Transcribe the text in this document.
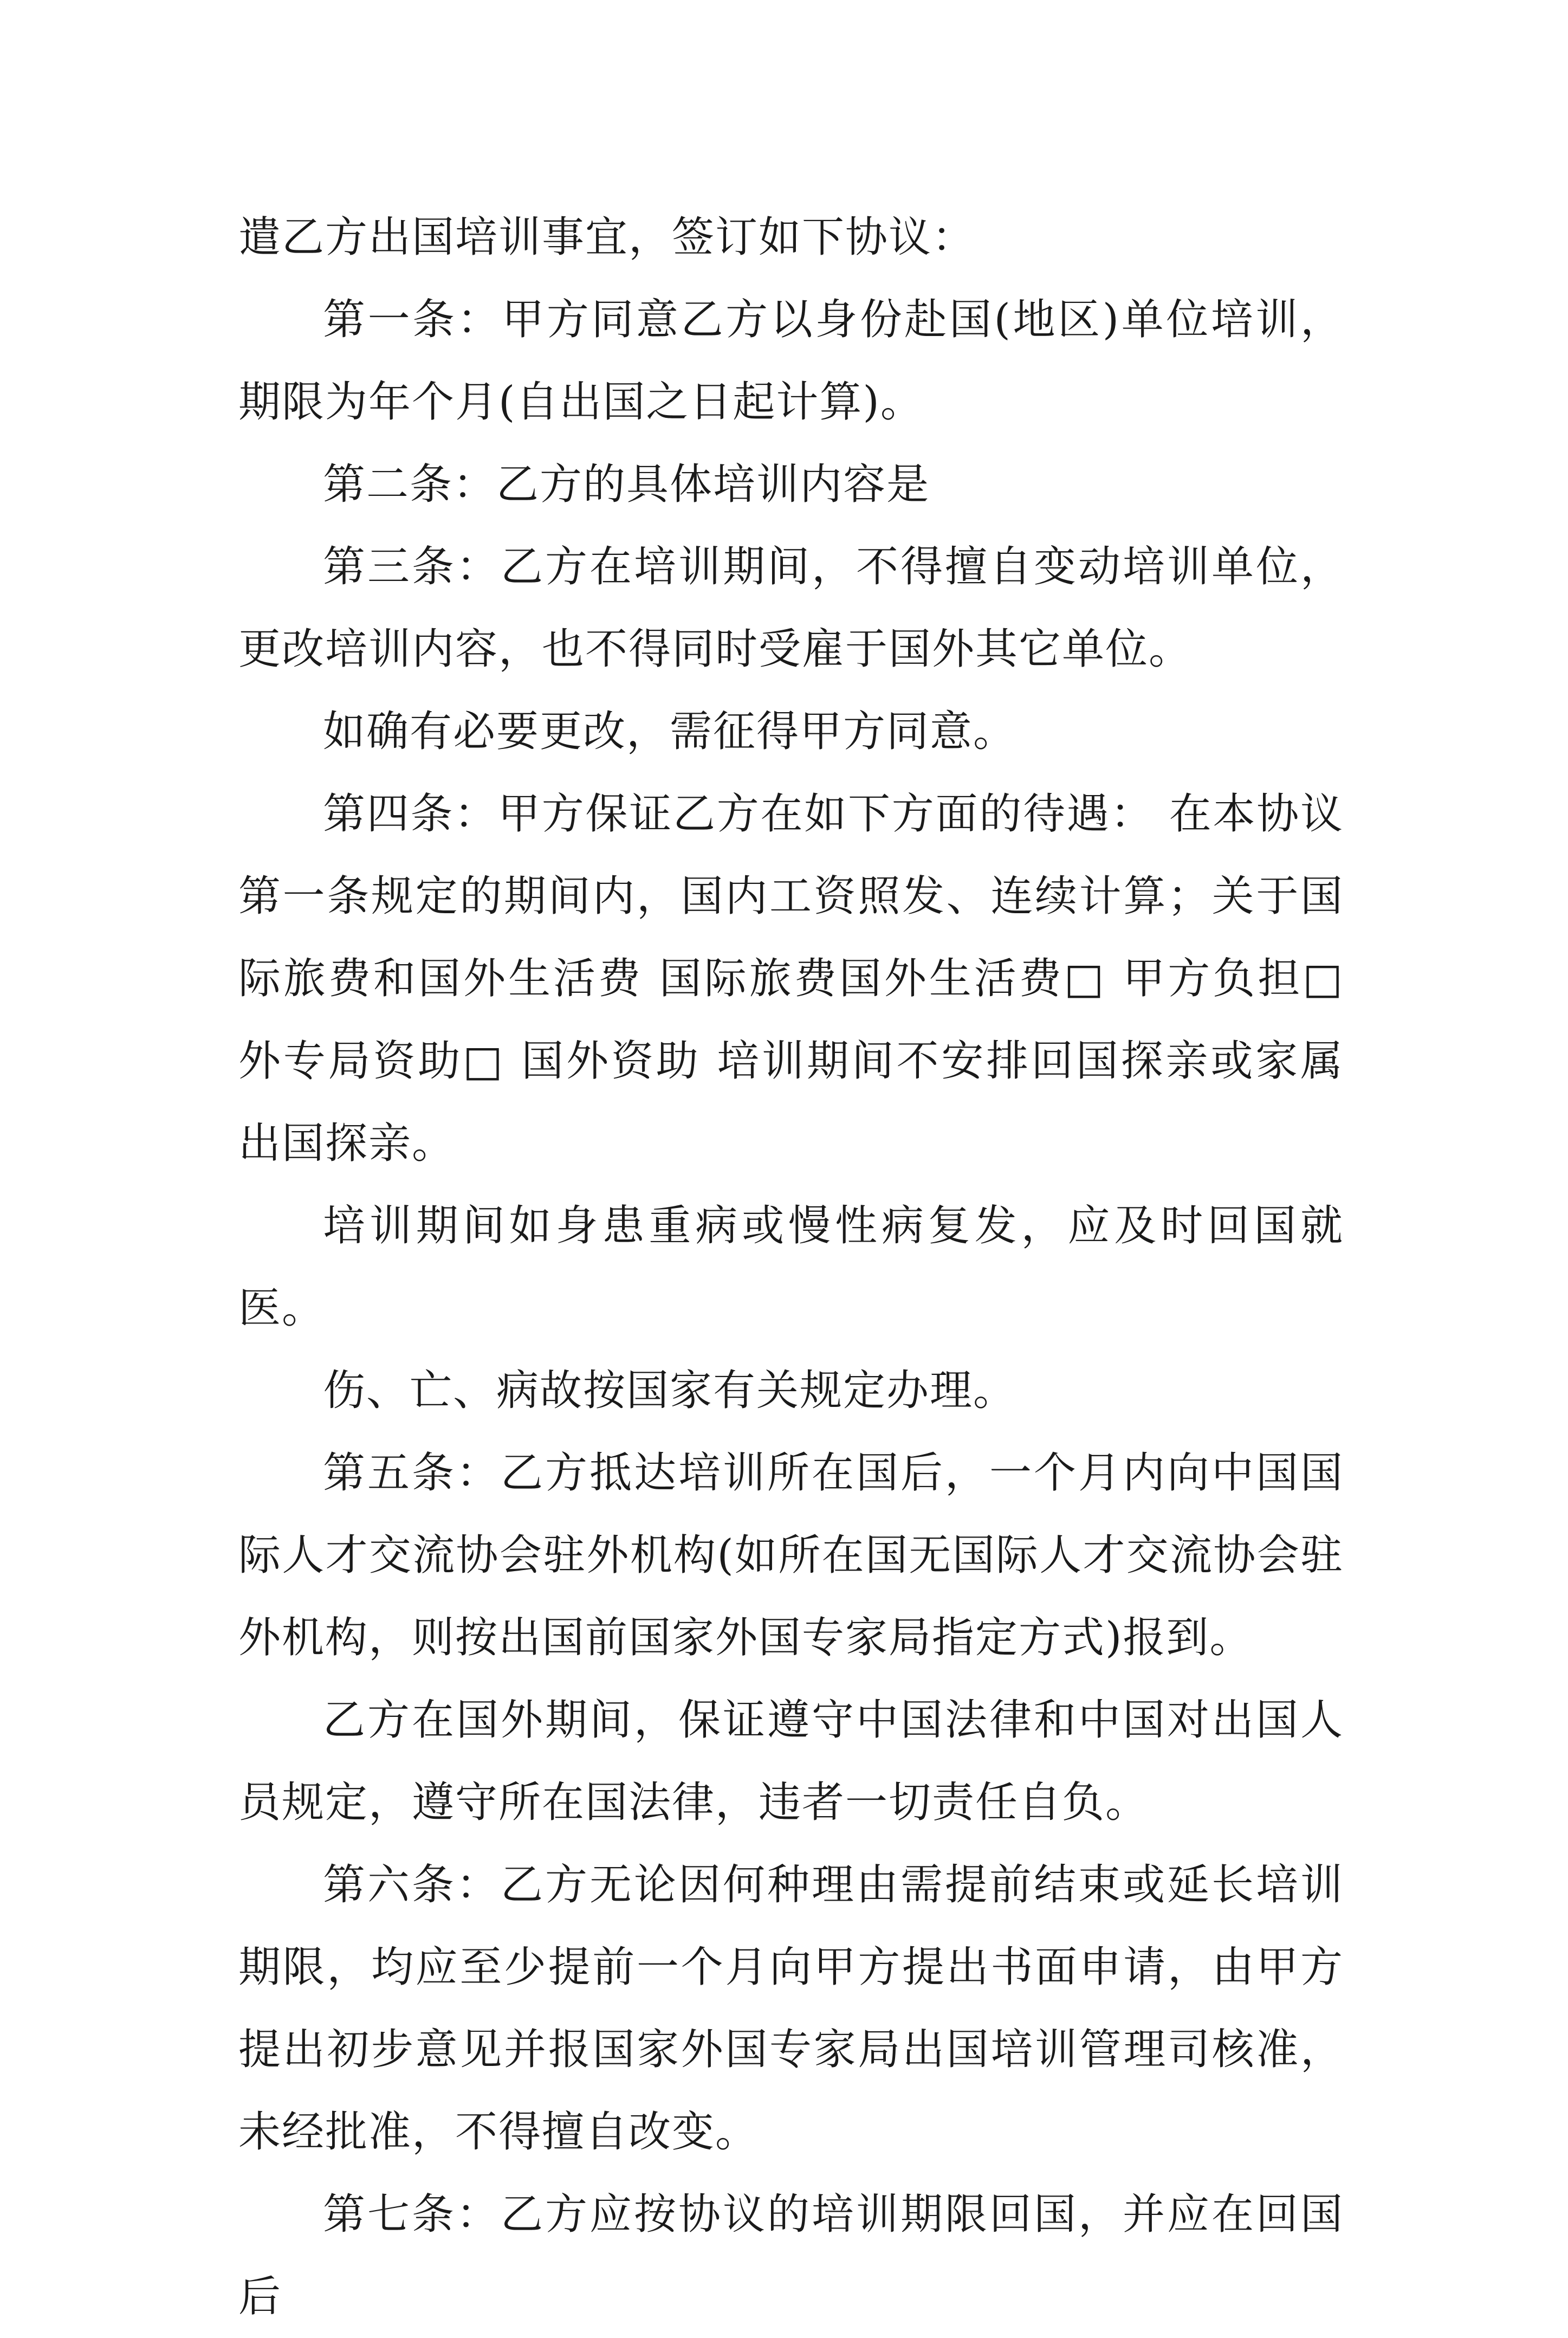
遣乙方出国培训事宜，签订如下协议：

第一条：甲方同意乙方以身份赴国(地区)单位培训，期限为年个月(自出国之日起计算)。

第二条：乙方的具体培训内容是

第三条：乙方在培训期间，不得擅自变动培训单位，更改培训内容，也不得同时受雇于国外其它单位。

如确有必要更改，需征得甲方同意。

第四条：甲方保证乙方在如下方面的待遇： 在本协议第一条规定的期间内，国内工资照发、连续计算；关于国际旅费和国外生活费 国际旅费国外生活费□ 甲方负担□ 外专局资助□ 国外资助 培训期间不安排回国探亲或家属出国探亲。

培训期间如身患重病或慢性病复发，应及时回国就医。

伤、亡、病故按国家有关规定办理。

第五条：乙方抵达培训所在国后，一个月内向中国国际人才交流协会驻外机构(如所在国无国际人才交流协会驻外机构，则按出国前国家外国专家局指定方式)报到。

乙方在国外期间，保证遵守中国法律和中国对出国人员规定，遵守所在国法律，违者一切责任自负。

第六条：乙方无论因何种理由需提前结束或延长培训期限，均应至少提前一个月向甲方提出书面申请，由甲方提出初步意见并报国家外国专家局出国培训管理司核准，未经批准，不得擅自改变。

第七条：乙方应按协议的培训期限回国，并应在回国后
